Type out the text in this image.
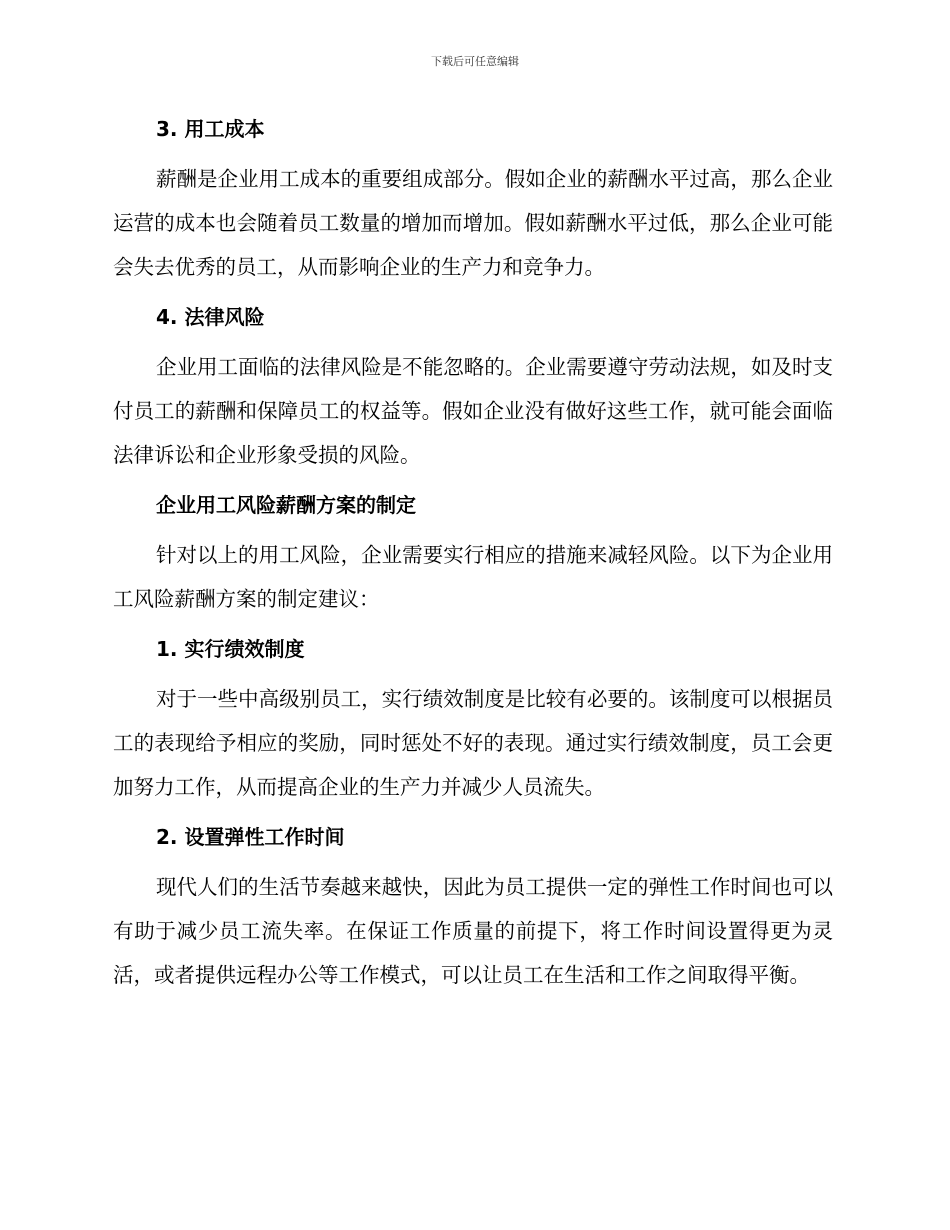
下载后可任意编辑
3. 用工成本

薪酬是企业用工成本的重要组成部分。假如企业的薪酬水平过高，那么企业运营的成本也会随着员工数量的增加而增加。假如薪酬水平过低，那么企业可能会失去优秀的员工，从而影响企业的生产力和竞争力。

4. 法律风险

企业用工面临的法律风险是不能忽略的。企业需要遵守劳动法规，如及时支付员工的薪酬和保障员工的权益等。假如企业没有做好这些工作，就可能会面临法律诉讼和企业形象受损的风险。

企业用工风险薪酬方案的制定

针对以上的用工风险，企业需要实行相应的措施来减轻风险。以下为企业用工风险薪酬方案的制定建议：

1. 实行绩效制度

对于一些中高级别员工，实行绩效制度是比较有必要的。该制度可以根据员工的表现给予相应的奖励，同时惩处不好的表现。通过实行绩效制度，员工会更加努力工作，从而提高企业的生产力并减少人员流失。

2. 设置弹性工作时间

现代人们的生活节奏越来越快，因此为员工提供一定的弹性工作时间也可以有助于减少员工流失率。在保证工作质量的前提下，将工作时间设置得更为灵活，或者提供远程办公等工作模式，可以让员工在生活和工作之间取得平衡。
